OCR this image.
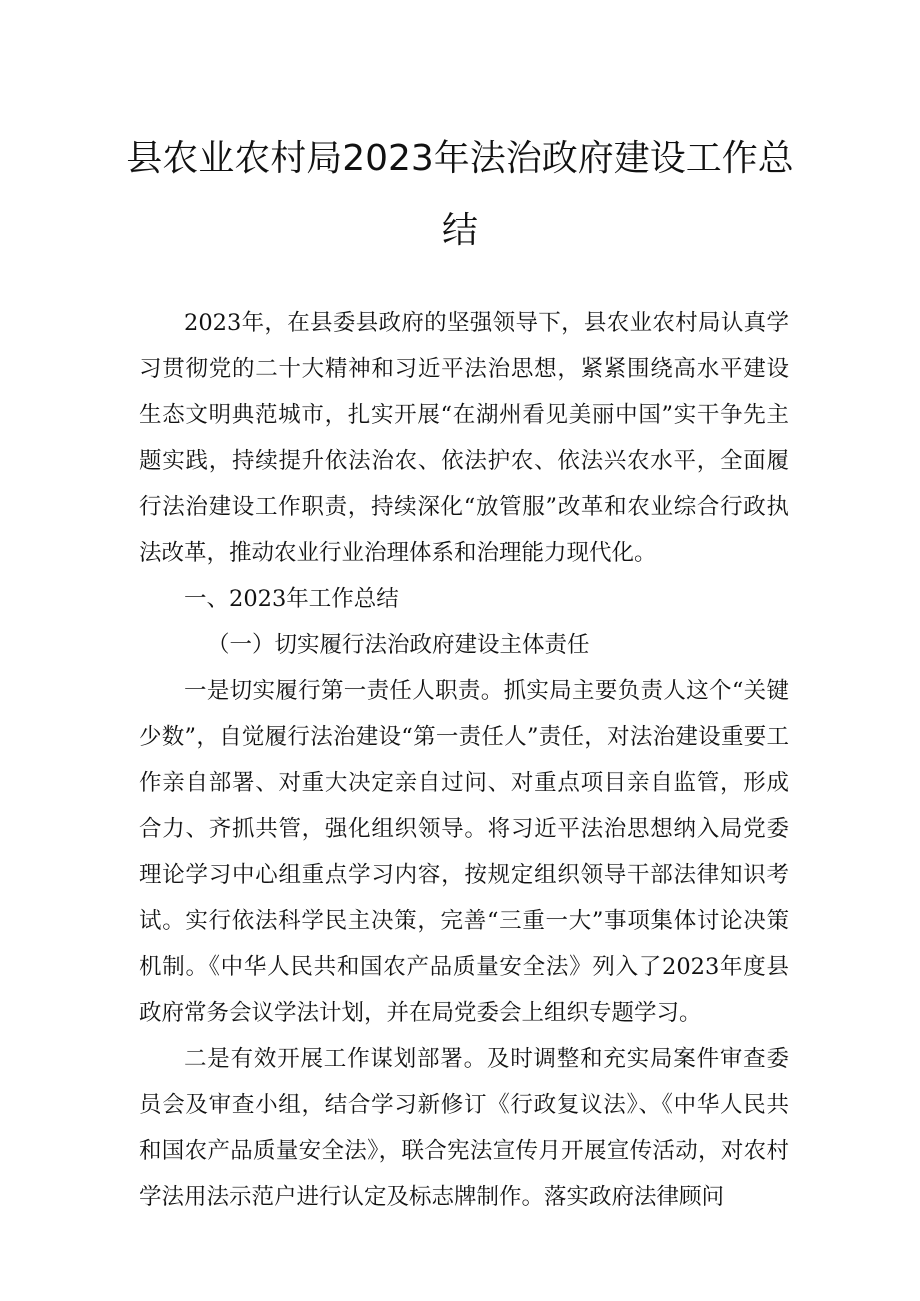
县农业农村局2023年法治政府建设工作总
结

2023年，在县委县政府的坚强领导下，县农业农村局认真学习贯彻党的二十大精神和习近平法治思想，紧紧围绕高水平建设生态文明典范城市，扎实开展“在湖州看见美丽中国”实干争先主题实践，持续提升依法治农、依法护农、依法兴农水平，全面履行法治建设工作职责，持续深化“放管服”改革和农业综合行政执法改革，推动农业行业治理体系和治理能力现代化。

一、2023年工作总结

（一）切实履行法治政府建设主体责任

一是切实履行第一责任人职责。抓实局主要负责人这个“关键少数”，自觉履行法治建设“第一责任人”责任，对法治建设重要工作亲自部署、对重大决定亲自过问、对重点项目亲自监管，形成合力、齐抓共管，强化组织领导。将习近平法治思想纳入局党委理论学习中心组重点学习内容，按规定组织领导干部法律知识考试。实行依法科学民主决策，完善“三重一大”事项集体讨论决策机制。《中华人民共和国农产品质量安全法》列入了2023年度县政府常务会议学法计划，并在局党委会上组织专题学习。

二是有效开展工作谋划部署。及时调整和充实局案件审查委员会及审查小组，结合学习新修订《行政复议法》、《中华人民共和国农产品质量安全法》，联合宪法宣传月开展宣传活动，对农村学法用法示范户进行认定及标志牌制作。落实政府法律顾问
